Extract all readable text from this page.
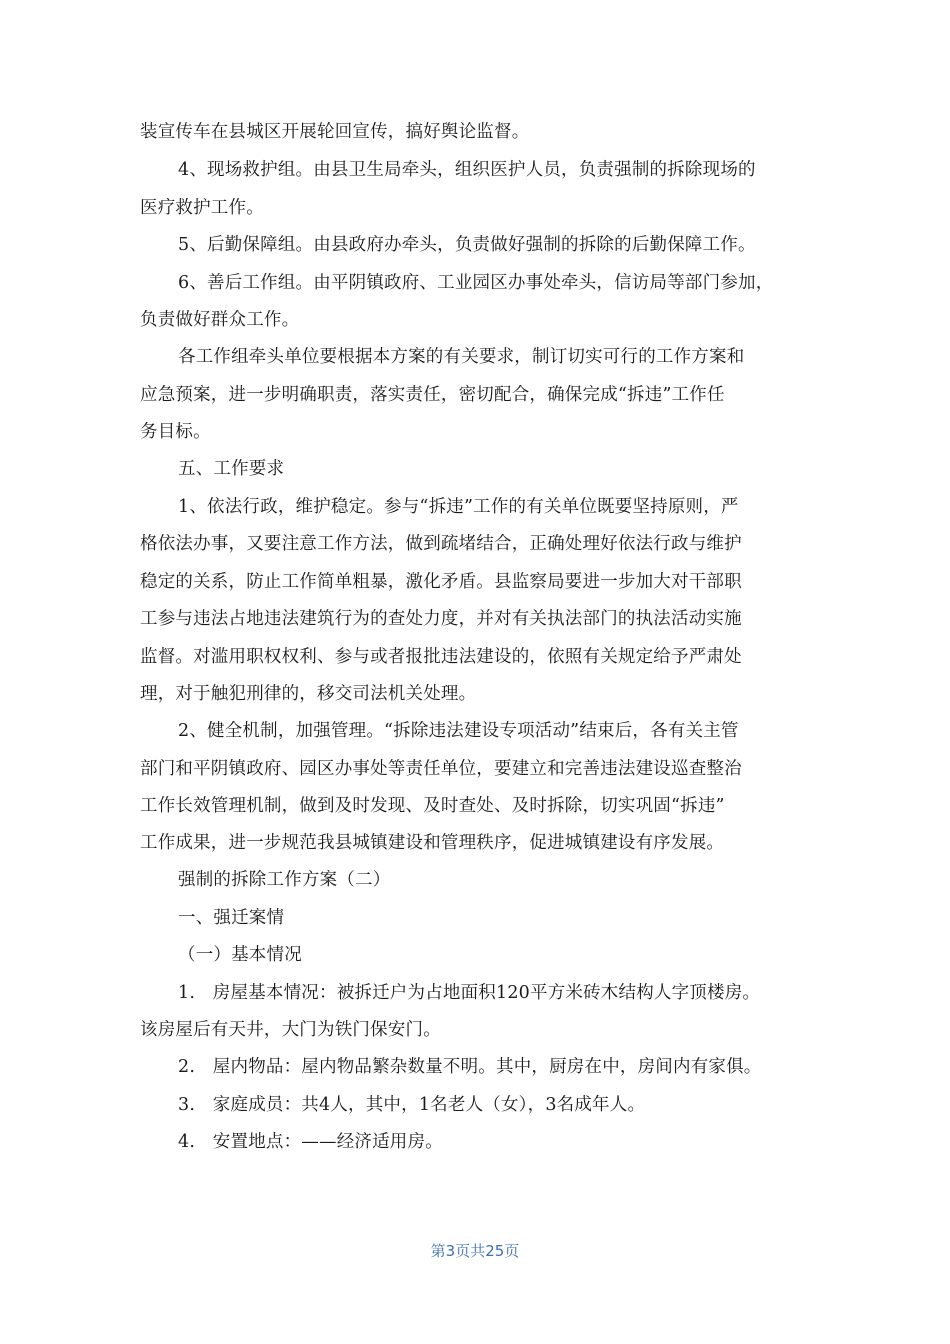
装宣传车在县城区开展轮回宣传，搞好舆论监督。
4、现场救护组。由县卫生局牵头，组织医护人员，负责强制的拆除现场的
医疗救护工作。
5、后勤保障组。由县政府办牵头，负责做好强制的拆除的后勤保障工作。
6、善后工作组。由平阴镇政府、工业园区办事处牵头，信访局等部门参加，
负责做好群众工作。
各工作组牵头单位要根据本方案的有关要求，制订切实可行的工作方案和
应急预案，进一步明确职责，落实责任，密切配合，确保完成“拆违”工作任
务目标。
五、工作要求
1、依法行政，维护稳定。参与“拆违”工作的有关单位既要坚持原则，严
格依法办事，又要注意工作方法，做到疏堵结合，正确处理好依法行政与维护
稳定的关系，防止工作简单粗暴，激化矛盾。县监察局要进一步加大对干部职
工参与违法占地违法建筑行为的查处力度，并对有关执法部门的执法活动实施
监督。对滥用职权权利、参与或者报批违法建设的，依照有关规定给予严肃处
理，对于触犯刑律的，移交司法机关处理。
2、健全机制，加强管理。“拆除违法建设专项活动”结束后，各有关主管
部门和平阴镇政府、园区办事处等责任单位，要建立和完善违法建设巡查整治
工作长效管理机制，做到及时发现、及时查处、及时拆除，切实巩固“拆违”
工作成果，进一步规范我县城镇建设和管理秩序，促进城镇建设有序发展。
强制的拆除工作方案（二）
一、强迁案情
（一）基本情况
1.　房屋基本情况：被拆迁户为占地面积120平方米砖木结构人字顶楼房。
该房屋后有天井，大门为铁门保安门。
2.　屋内物品：屋内物品繁杂数量不明。其中，厨房在中，房间内有家俱。
3.　家庭成员：共4人，其中，1名老人（女），3名成年人。
4.　安置地点：——经济适用房。
第3页共25页
